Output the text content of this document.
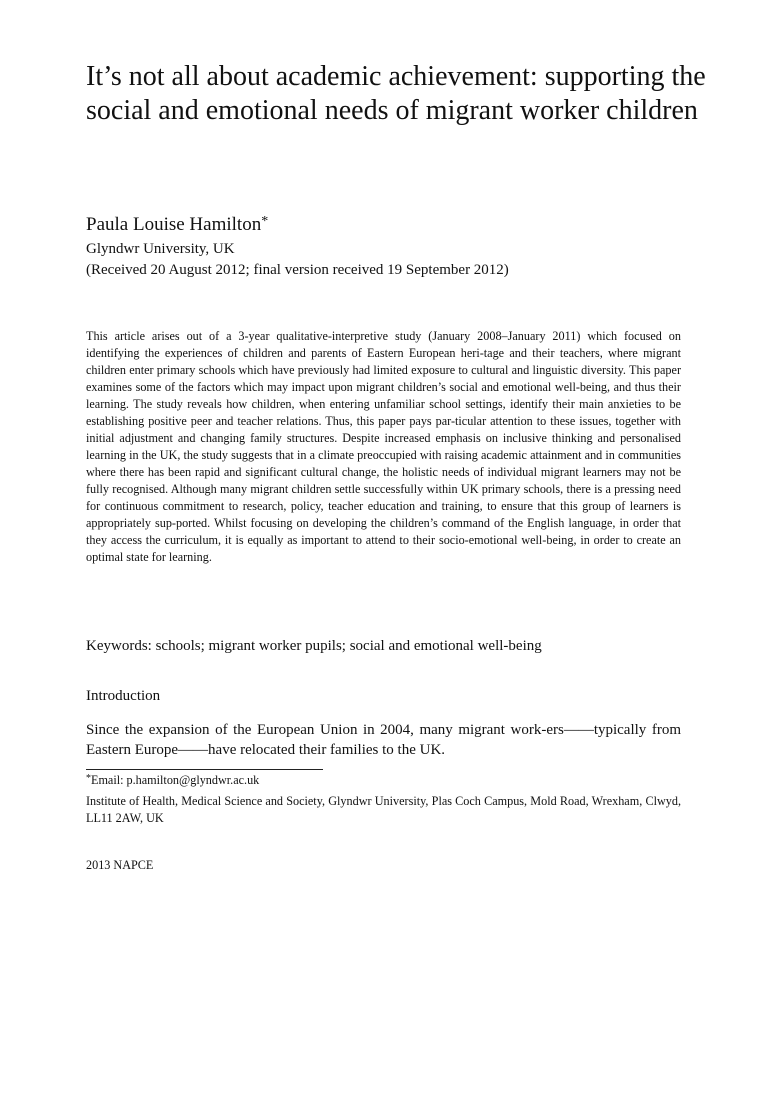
It’s not all about academic achievement: supporting the social and emotional needs of migrant worker children

Paula Louise Hamilton*

Glyndwr University, UK

(Received 20 August 2012; final version received 19 September 2012)

This article arises out of a 3-year qualitative-interpretive study (January 2008–January 2011) which focused on identifying the experiences of children and parents of Eastern European heri-tage and their teachers, where migrant children enter primary schools which have previously had limited exposure to cultural and linguistic diversity. This paper examines some of the factors which may impact upon migrant children’s social and emotional well-being, and thus their learning. The study reveals how children, when entering unfamiliar school settings, identify their main anxieties to be establishing positive peer and teacher relations. Thus, this paper pays par-ticular attention to these issues, together with initial adjustment and changing family structures. Despite increased emphasis on inclusive thinking and personalised learning in the UK, the study suggests that in a climate preoccupied with raising academic attainment and in communities where there has been rapid and significant cultural change, the holistic needs of individual migrant learners may not be fully recognised. Although many migrant children settle successfully within UK primary schools, there is a pressing need for continuous commitment to research, policy, teacher education and training, to ensure that this group of learners is appropriately sup-ported. Whilst focusing on developing the children’s command of the English language, in order that they access the curriculum, it is equally as important to attend to their socio-emotional well-being, in order to create an optimal state for learning.

Keywords: schools; migrant worker pupils; social and emotional well-being

Introduction

Since the expansion of the European Union in 2004, many migrant work-ers——typically from Eastern Europe——have relocated their families to the UK.

*Email: p.hamilton@glyndwr.ac.uk

Institute of Health, Medical Science and Society, Glyndwr University, Plas Coch Campus, Mold Road, Wrexham, Clwyd, LL11 2AW, UK

2013 NAPCE
